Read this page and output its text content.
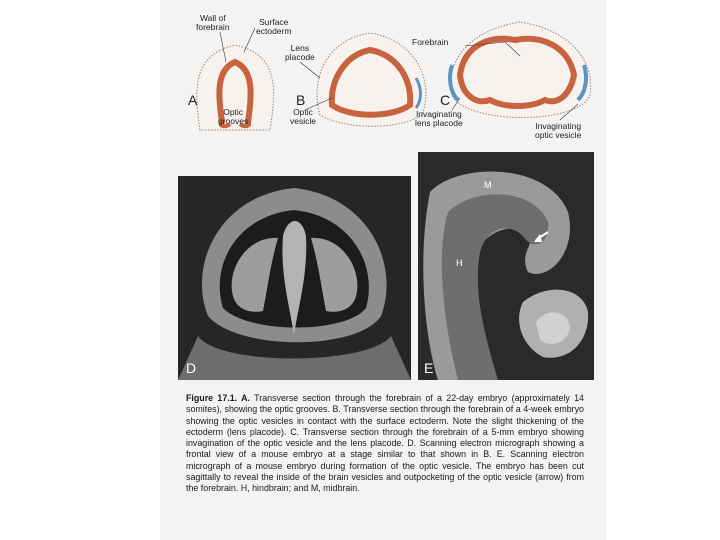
Wall of
forebrain	Surface
ectoderm
Optic
grooves
A
Lens
placode
Optic
vesicle
B
Forebrain
Invaginating
lens placode	Invaginating
optic vesicle
C
D
M
H
E
Figure 17.1. A. Transverse section through the forebrain of a 22-day embryo (approximately 14 somites), showing the optic grooves. B. Transverse section through the forebrain of a 4-week embryo showing the optic vesicles in contact with the surface ectoderm. Note the slight thickening of the ectoderm (lens placode). C. Transverse section through the forebrain of a 5-mm embryo showing invagination of the optic vesicle and the lens placode. D. Scanning electron micrograph showing a frontal view of a mouse embryo at a stage similar to that shown in B. E. Scanning electron micrograph of a mouse embryo during formation of the optic vesicle. The embryo has been cut sagittally to reveal the inside of the brain vesicles and outpocketing of the optic vesicle (arrow) from the forebrain. H, hindbrain; and M, midbrain.
